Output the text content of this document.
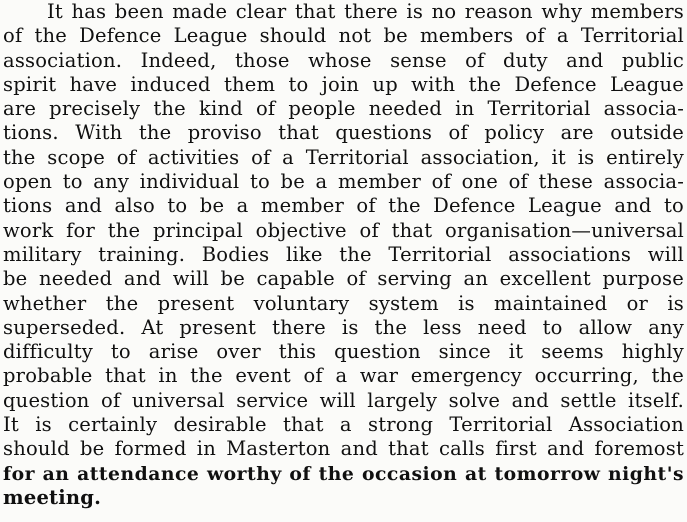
It has been made clear that there is no reason why members
of the Defence League should not be members of a Territorial
association. Indeed, those whose sense of duty and public
spirit have induced them to join up with the Defence League
are precisely the kind of people needed in Territorial associa-
tions. With the proviso that questions of policy are outside
the scope of activities of a Territorial association, it is entirely
open to any individual to be a member of one of these associa-
tions and also to be a member of the Defence League and to
work for the principal objective of that organisation—universal
military training. Bodies like the Territorial associations will
be needed and will be capable of serving an excellent purpose
whether the present voluntary system is maintained or is
superseded. At present there is the less need to allow any
difficulty to arise over this question since it seems highly
probable that in the event of a war emergency occurring, the
question of universal service will largely solve and settle itself.
It is certainly desirable that a strong Territorial Association
should be formed in Masterton and that calls first and foremost
for an attendance worthy of the occasion at tomorrow night's
meeting.
